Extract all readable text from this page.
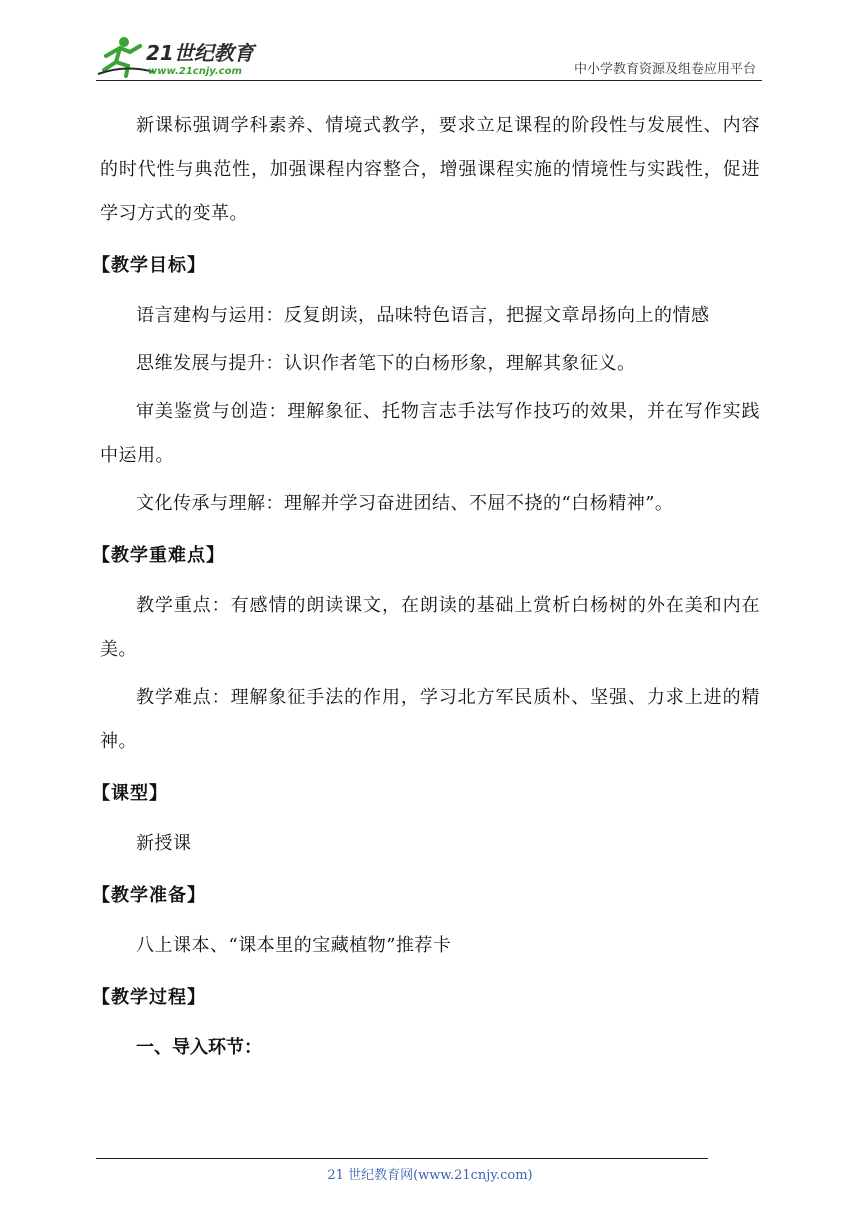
21世纪教育
www.21cnjy.com	中小学教育资源及组卷应用平台

新课标强调学科素养、情境式教学，要求立足课程的阶段性与发展性、内容的时代性与典范性，加强课程内容整合，增强课程实施的情境性与实践性，促进学习方式的变革。

【教学目标】

语言建构与运用：反复朗读，品味特色语言，把握文章昂扬向上的情感

思维发展与提升：认识作者笔下的白杨形象，理解其象征义。

审美鉴赏与创造：理解象征、托物言志手法写作技巧的效果，并在写作实践中运用。

文化传承与理解：理解并学习奋进团结、不屈不挠的“白杨精神”。

【教学重难点】

教学重点：有感情的朗读课文，在朗读的基础上赏析白杨树的外在美和内在美。

教学难点：理解象征手法的作用，学习北方军民质朴、坚强、力求上进的精神。

【课型】

新授课

【教学准备】

八上课本、“课本里的宝藏植物”推荐卡

【教学过程】

一、导入环节：

21 世纪教育网(www.21cnjy.com)
